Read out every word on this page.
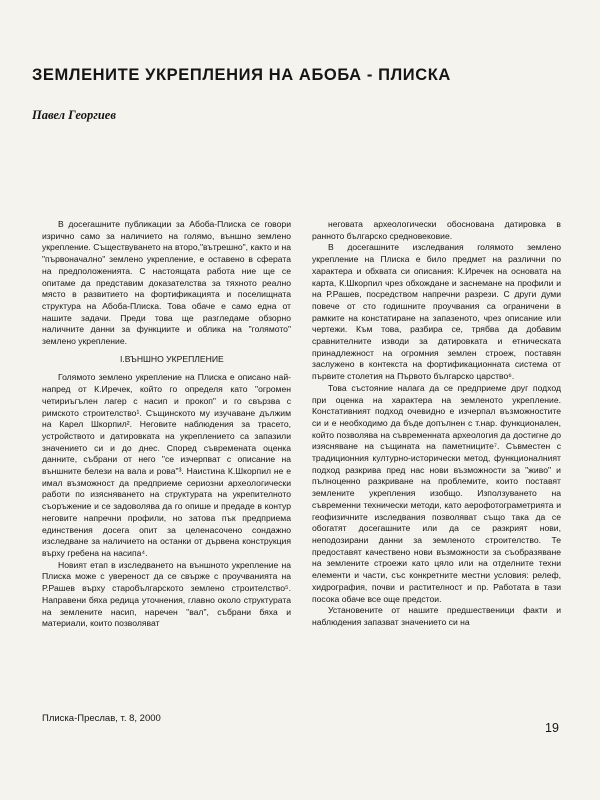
ЗЕМЛЕНИТЕ УКРЕПЛЕНИЯ НА АБОБА - ПЛИСКА
Павел Георгиев

В досегашните публикации за Абоба-Плиска се говори изрично само за наличието на голямо, външно землено укрепление. Съществуването на второ,"вътрешно", както и на "първоначално" землено укрепление, е оставено в сферата на предположенията. С настоящата работа ние ще се опитаме да представим доказателства за тяхното реално място в развитието на фортификацията и поселищната структура на Абоба-Плиска. Това обаче е само една от нашите задачи. Преди това ще разгледаме обзорно наличните данни за функциите и облика на "голямото" землено укрепление.

I.ВЪНШНО УКРЕПЛЕНИЕ

Голямото землено укрепление на Плиска е описано най-напред от К.Иречек, който го определя като "огромен четириъгълен лагер с насип и прокоп" и го свързва с римското строителство¹. Същинското му изучаване дължим на Карел Шкорпил². Неговите наблюдения за трасето, устройството и датировката на укреплението са запазили значението си и до днес. Според съвремената оценка данните, събрани от него "се изчерпват с описание на външните белези на вала и рова"³. Наистина К.Шкорпил не е имал възможност да предприеме сериозни археологически работи по изясняването на структурата на укрепителното съоръжение и се задоволява да го опише и предаде в контур неговите напречни профили, но затова пък предприема единствения досега опит за целенасочено сондажно изследване за наличието на останки от дървена конструкция върху гребена на насипа⁴.

Новият етап в изследването на външното укрепление на Плиска може с увереност да се свърже с проучванията на Р.Рашев върху старобългарското землено строителство⁵. Направени бяха редица уточнения, главно около структурата на землените насип, наречен "вал", събрани бяха и материали, които позволяват

неговата археологически обоснована датировка в ранното българско средновековие.

В досегашните изследвания голямото землено укрепление на Плиска е било предмет на различни по характера и обхвата си описания: К.Иречек на основата на карта, К.Шкорпил чрез обхождане и заснемане на профили и на Р.Рашев, посредством напречни разрези. С други думи повече от сто годишните проучвания са ограничени в рамките на констатиране на запазеното, чрез описание или чертежи. Към това, разбира се, трябва да добавим сравнителните изводи за датировката и етническата принадлежност на огромния землен строеж, поставян заслужено в контекста на фортификационната система от първите столетия на Първото българско царство⁶.

Това състояние налага да се предприеме друг подход при оценка на характера на земленото укрепление. Констативният подход очевидно е изчерпал възможностите си и е необходимо да бъде допълнен с т.нар. функционален, който позволява на съвременната археология да достигне до изясняване на същината на паметниците⁷. Съвместен с традиционния културно-исторически метод, функционалният подход разкрива пред нас нови възможности за "живо" и пълноценно разкриване на проблемите, които поставят землените укрепления изобщо. Използуването на съвременни технически методи, като аерофотограметрията и геофизичните изследвания позволяват също така да се обогатят досегашните или да се разкрият нови, неподозирани данни за земленото строителство. Те предоставят качествено нови възможности за съобразяване на землените строежи като цяло или на отделните техни елементи и части, със конкретните местни условия: релеф, хидрография, почви и растителност и пр. Работата в тази посока обаче все още предстои.

Установените от нашите предшественици факти и наблюдения запазват значението си на

Плиска-Преслав, т. 8, 2000
19
